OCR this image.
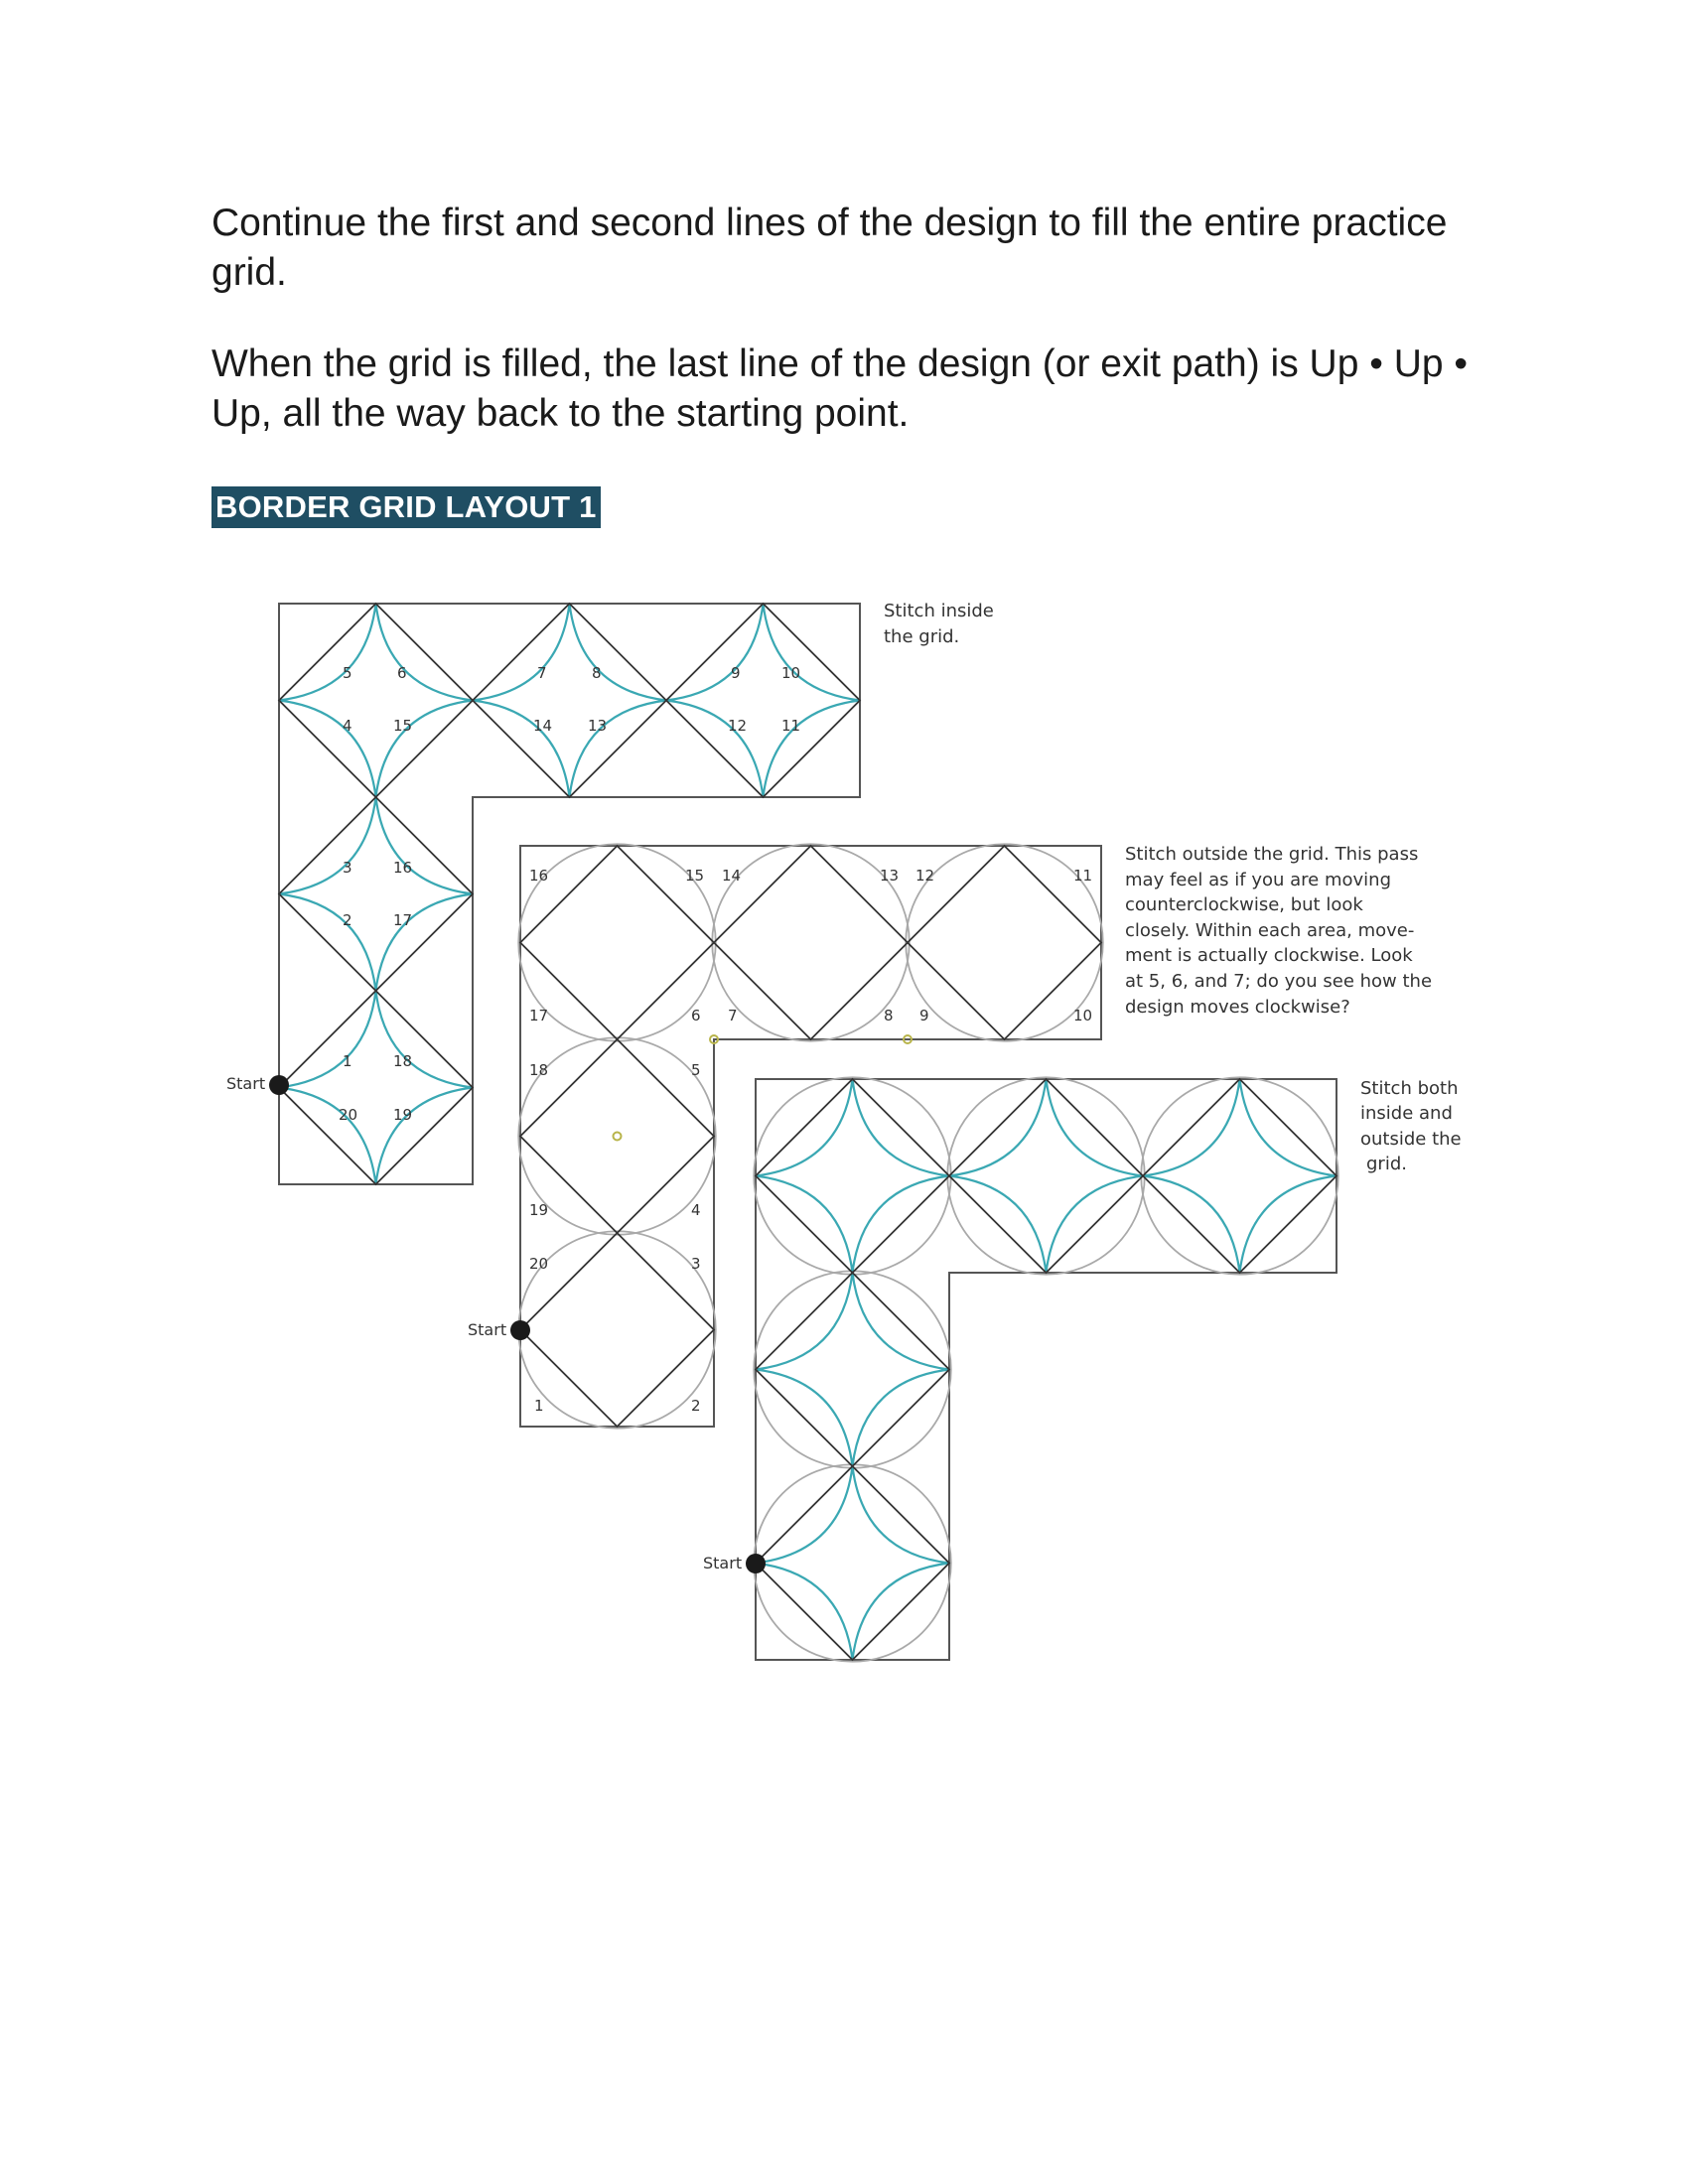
Continue the first and second lines of the design to fill the entire practice grid.

When the grid is filled, the last line of the design (or exit path) is Up • Up • Up, all the way back to the starting point.

BORDER GRID LAYOUT 1
Stitch inside
the grid.
Start
5	6	7	8	9	10
4	15	14 13	12 11
3	16
2	17
1	18
20 19
Stitch outside the grid. This pass
may feel as if you are moving
counterclockwise, but look
closely. Within each area, move-
ment is actually clockwise. Look
at 5, 6, and 7; do you see how the
design moves clockwise?
Start
16	15 14	13 12	11
17	6 7	8 9	10
18	5
19	4
20	3
1	2
Stitch both
inside and
outside the
grid.
Start
